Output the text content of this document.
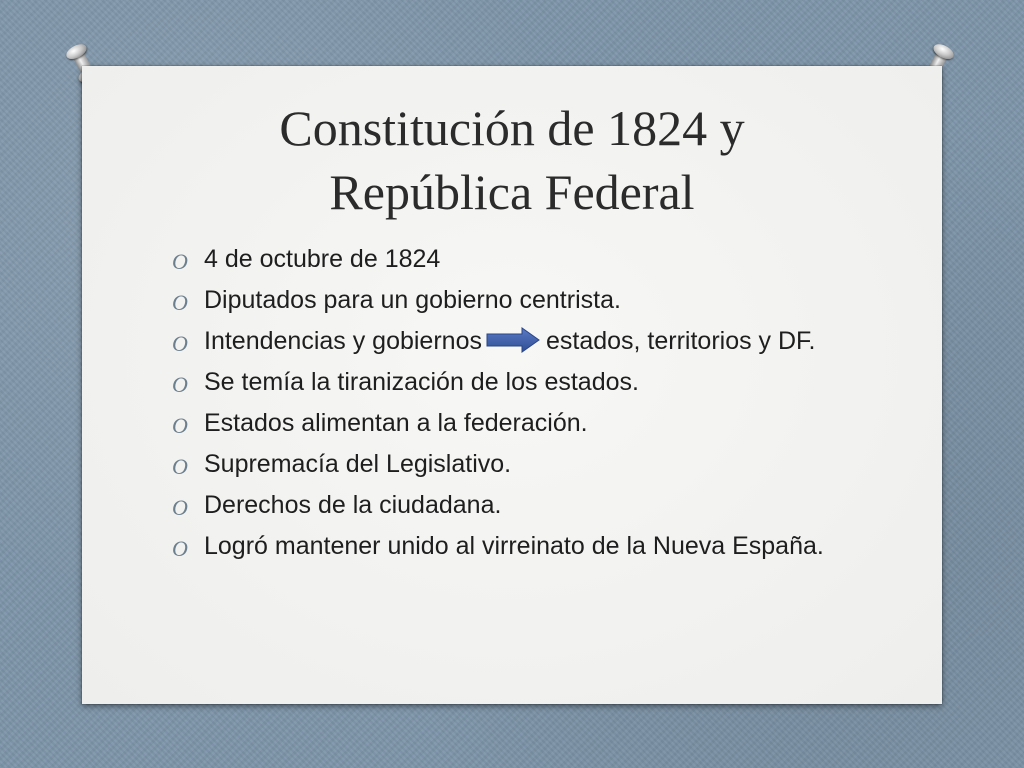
Constitución de 1824 y
República Federal
O 4 de octubre de 1824
O Diputados para un gobierno centrista.
O Intendencias y gobiernos	estados, territorios y DF.
O Se temía la tiranización de los estados.
O Estados alimentan a la federación.
O Supremacía del Legislativo.
O Derechos de la ciudadana.
O Logró mantener unido al virreinato de la Nueva España.
